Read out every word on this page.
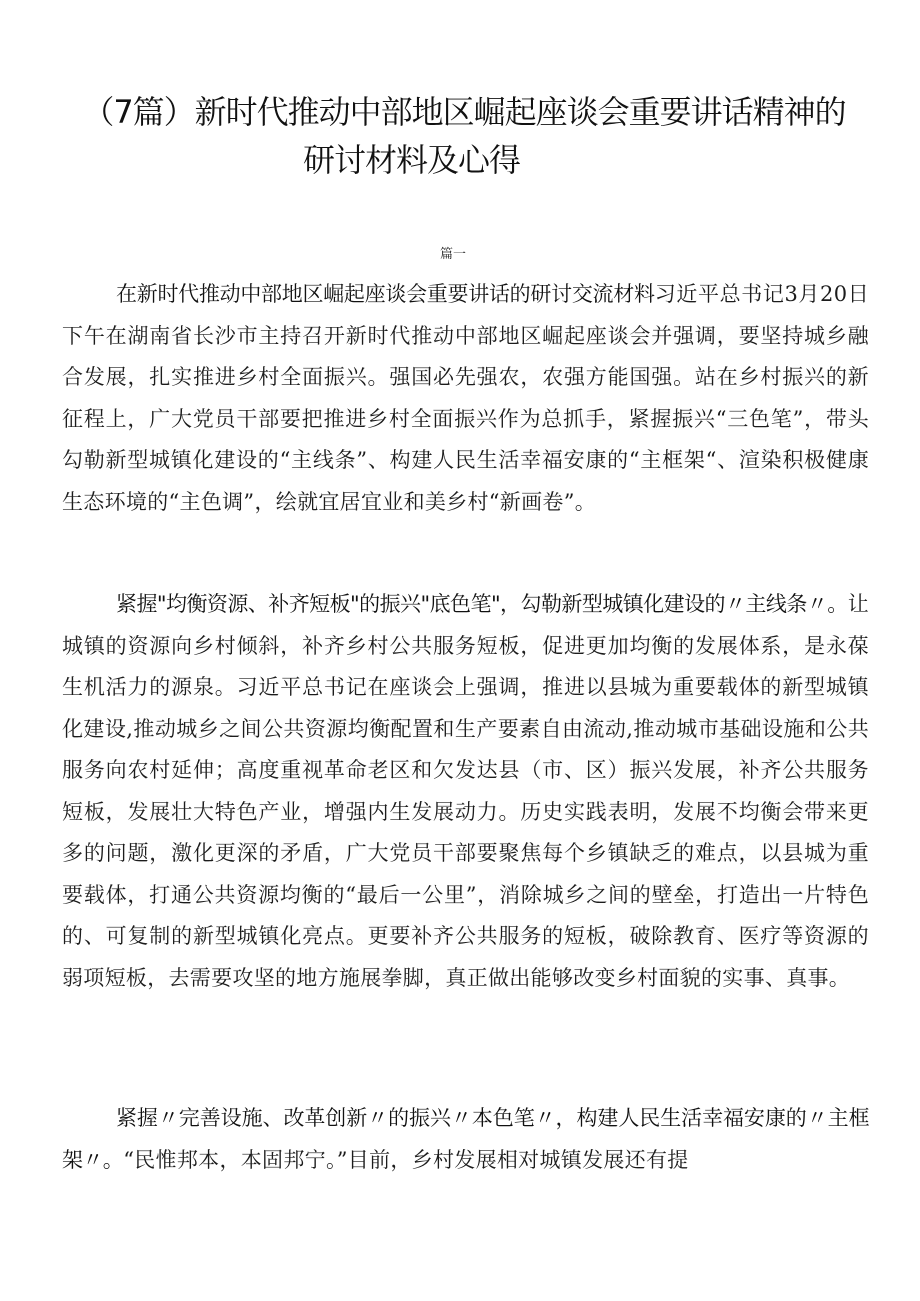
（7篇）新时代推动中部地区崛起座谈会重要讲话精神的
研讨材料及心得
篇一

在新时代推动中部地区崛起座谈会重要讲话的研讨交流材料习近平总书记3月20日下午在湖南省长沙市主持召开新时代推动中部地区崛起座谈会并强调，要坚持城乡融合发展，扎实推进乡村全面振兴。强国必先强农，农强方能国强。站在乡村振兴的新征程上，广大党员干部要把推进乡村全面振兴作为总抓手，紧握振兴“三色笔”，带头勾勒新型城镇化建设的“主线条”、构建人民生活幸福安康的“主框架“、渲染积极健康生态环境的“主色调”，绘就宜居宜业和美乡村“新画卷”。

紧握"均衡资源、补齐短板"的振兴"底色笔"，勾勒新型城镇化建设的〃主线条〃。让城镇的资源向乡村倾斜，补齐乡村公共服务短板，促进更加均衡的发展体系，是永葆生机活力的源泉。习近平总书记在座谈会上强调，推进以县城为重要载体的新型城镇化建设,推动城乡之间公共资源均衡配置和生产要素自由流动,推动城市基础设施和公共服务向农村延伸；高度重视革命老区和欠发达县（市、区）振兴发展，补齐公共服务短板，发展壮大特色产业，增强内生发展动力。历史实践表明，发展不均衡会带来更多的问题，激化更深的矛盾，广大党员干部要聚焦每个乡镇缺乏的难点，以县城为重要载体，打通公共资源均衡的“最后一公里”，消除城乡之间的壁垒，打造出一片特色的、可复制的新型城镇化亮点。更要补齐公共服务的短板，破除教育、医疗等资源的弱项短板，去需要攻坚的地方施展拳脚，真正做出能够改变乡村面貌的实事、真事。

紧握〃完善设施、改革创新〃的振兴〃本色笔〃，构建人民生活幸福安康的〃主框架〃。“民惟邦本，本固邦宁。”目前，乡村发展相对城镇发展还有提
